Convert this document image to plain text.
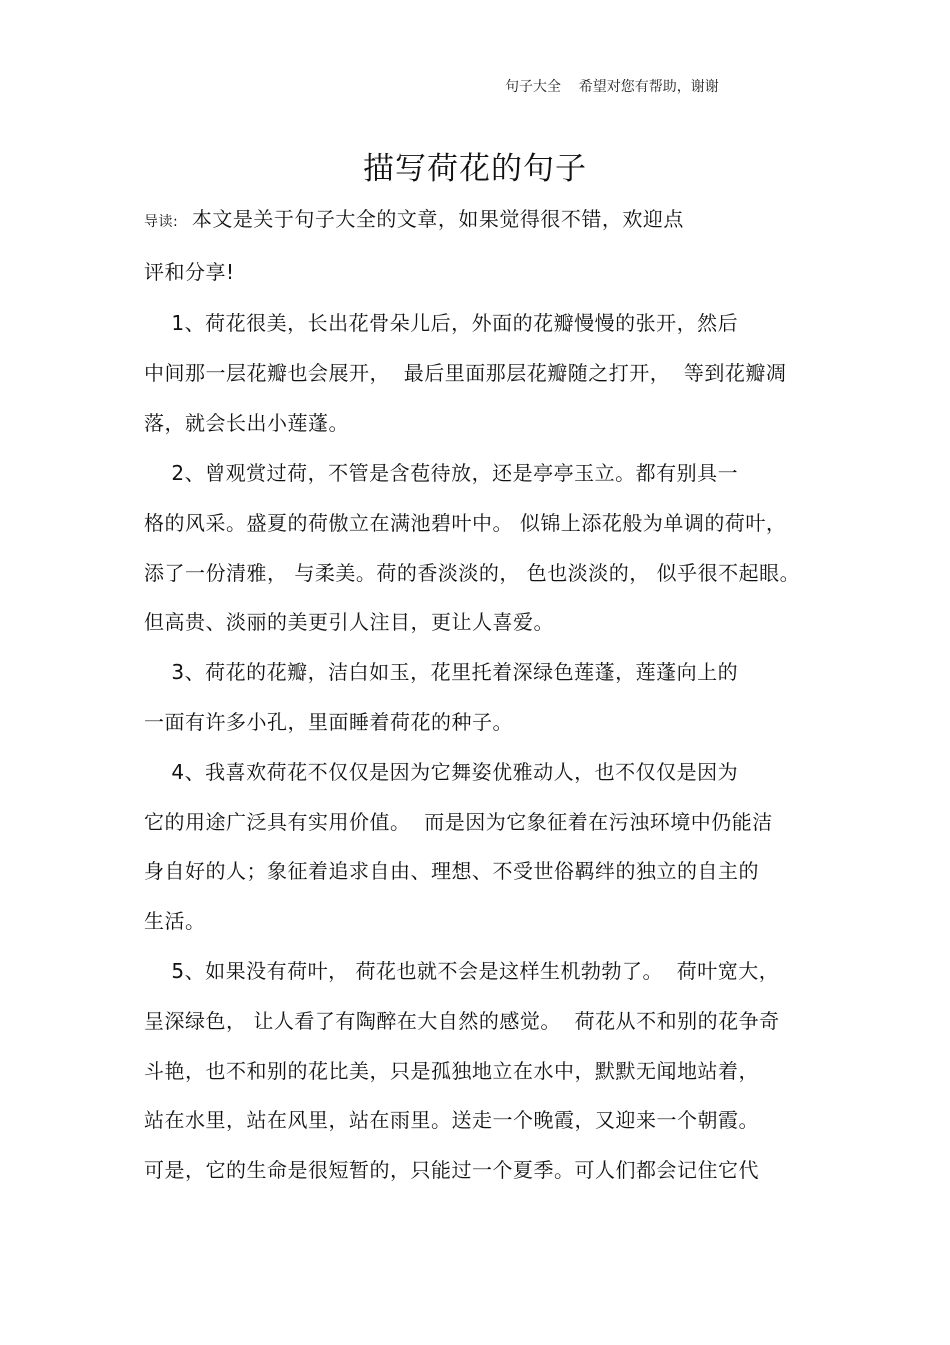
句子大全    希望对您有帮助，谢谢
描写荷花的句子
导读:  本文是关于句子大全的文章，如果觉得很不错，欢迎点
评和分享!
1、荷花很美，长出花骨朵儿后，外面的花瓣慢慢的张开，然后
中间那一层花瓣也会展开，  最后里面那层花瓣随之打开，  等到花瓣凋
落，就会长出小莲蓬。
2、曾观赏过荷，不管是含苞待放，还是亭亭玉立。都有别具一
格的风采。盛夏的荷傲立在满池碧叶中。 似锦上添花般为单调的荷叶，
添了一份清雅， 与柔美。荷的香淡淡的， 色也淡淡的， 似乎很不起眼。
但高贵、淡丽的美更引人注目，更让人喜爱。
3、荷花的花瓣，洁白如玉，花里托着深绿色莲蓬，莲蓬向上的
一面有许多小孔，里面睡着荷花的种子。
4、我喜欢荷花不仅仅是因为它舞姿优雅动人，也不仅仅是因为
它的用途广泛具有实用价值。  而是因为它象征着在污浊环境中仍能洁
身自好的人；象征着追求自由、理想、不受世俗羁绊的独立的自主的
生活。
5、如果没有荷叶， 荷花也就不会是这样生机勃勃了。  荷叶宽大，
呈深绿色， 让人看了有陶醉在大自然的感觉。  荷花从不和别的花争奇
斗艳，也不和别的花比美，只是孤独地立在水中，默默无闻地站着，
站在水里，站在风里，站在雨里。送走一个晚霞，又迎来一个朝霞。
可是，它的生命是很短暂的，只能过一个夏季。可人们都会记住它代
